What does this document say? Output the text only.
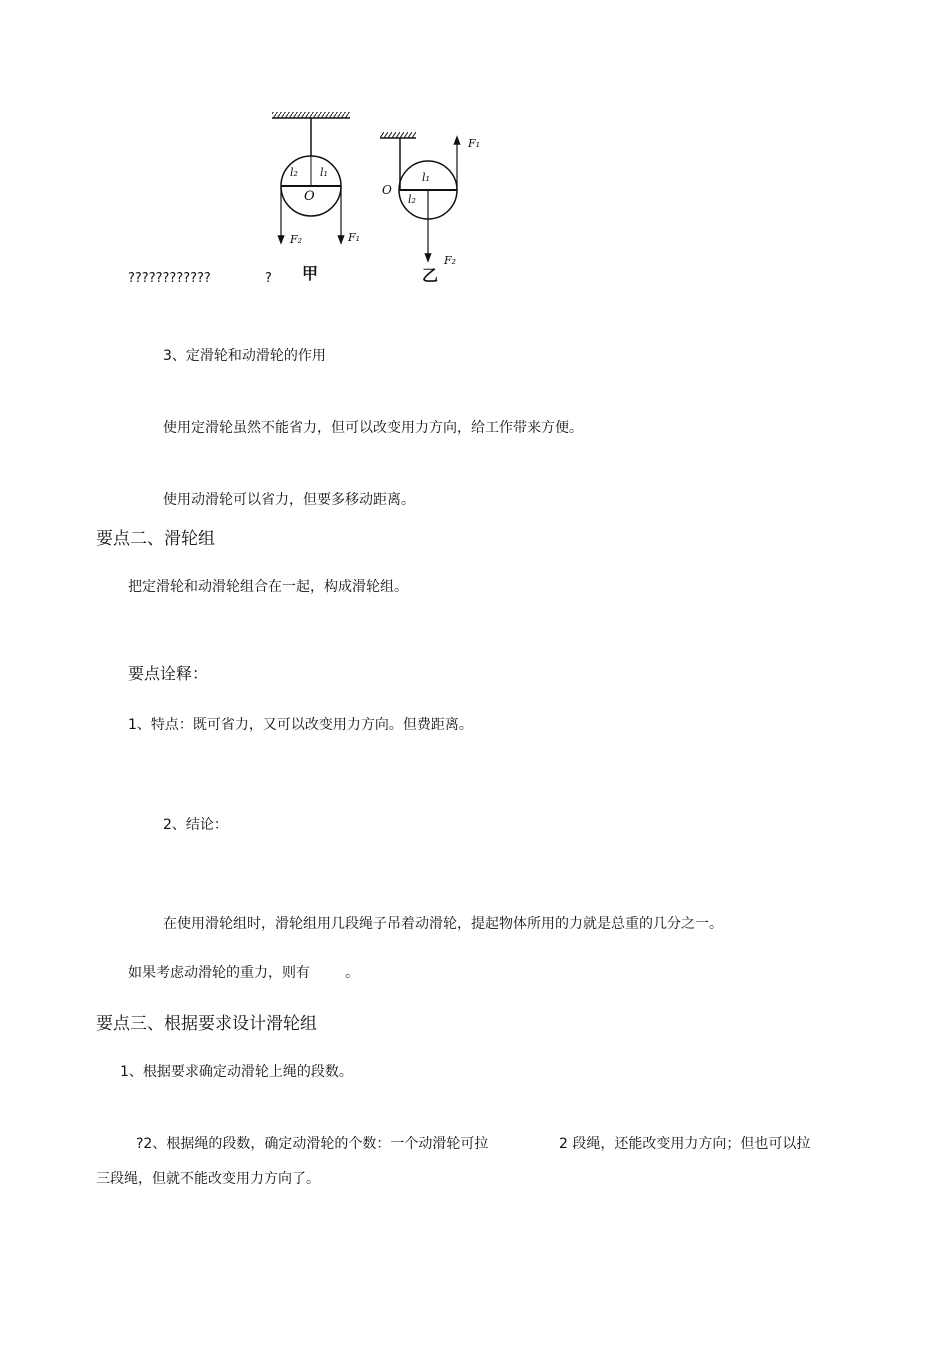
l₂ l₁
O
F₂	F₁
甲
O
l₁
l₂
F₁
F₂
乙
????????????	?
3、定滑轮和动滑轮的作用
使用定滑轮虽然不能省力，但可以改变用力方向，给工作带来方便。
使用动滑轮可以省力，但要多移动距离。
要点二、滑轮组
把定滑轮和动滑轮组合在一起，构成滑轮组。
要点诠释：
1、特点：既可省力，又可以改变用力方向。但费距离。
2、结论：
在使用滑轮组时，滑轮组用几段绳子吊着动滑轮，提起物体所用的力就是总重的几分之一。
如果考虑动滑轮的重力，则有	。
要点三、根据要求设计滑轮组
1、根据要求确定动滑轮上绳的段数。
?2、根据绳的段数，确定动滑轮的个数：一个动滑轮可拉	2 段绳，还能改变用力方向；但也可以拉
三段绳，但就不能改变用力方向了。
